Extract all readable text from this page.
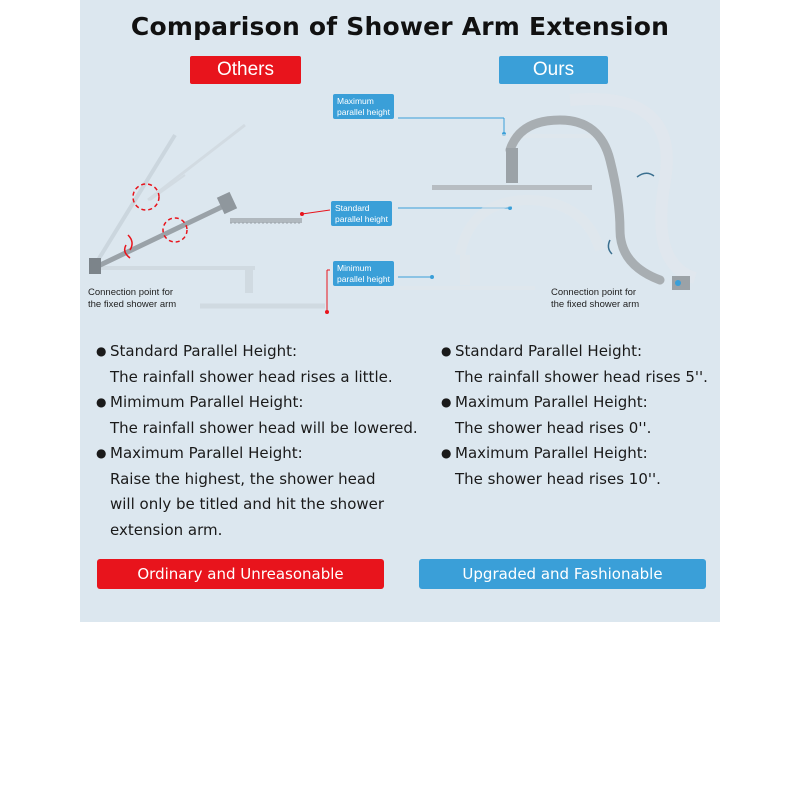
Comparison of Shower Arm Extension
Others	Ours
Maximum
parallel height
Standard
parallel height
Minimum
parallel height
Connection point for
the fixed shower arm
Connection point for
the fixed shower arm
● Standard Parallel Height:
The rainfall shower head rises a little.
● Mimimum Parallel Height:
The rainfall shower head will be lowered.
● Maximum Parallel Height:
Raise the highest, the shower head
will only be titled and hit the shower
extension arm.
● Standard Parallel Height:
The rainfall shower head rises 5''.
● Maximum Parallel Height:
The shower head rises 0''.
● Maximum Parallel Height:
The shower head rises 10''.
Ordinary and Unreasonable	Upgraded and Fashionable
